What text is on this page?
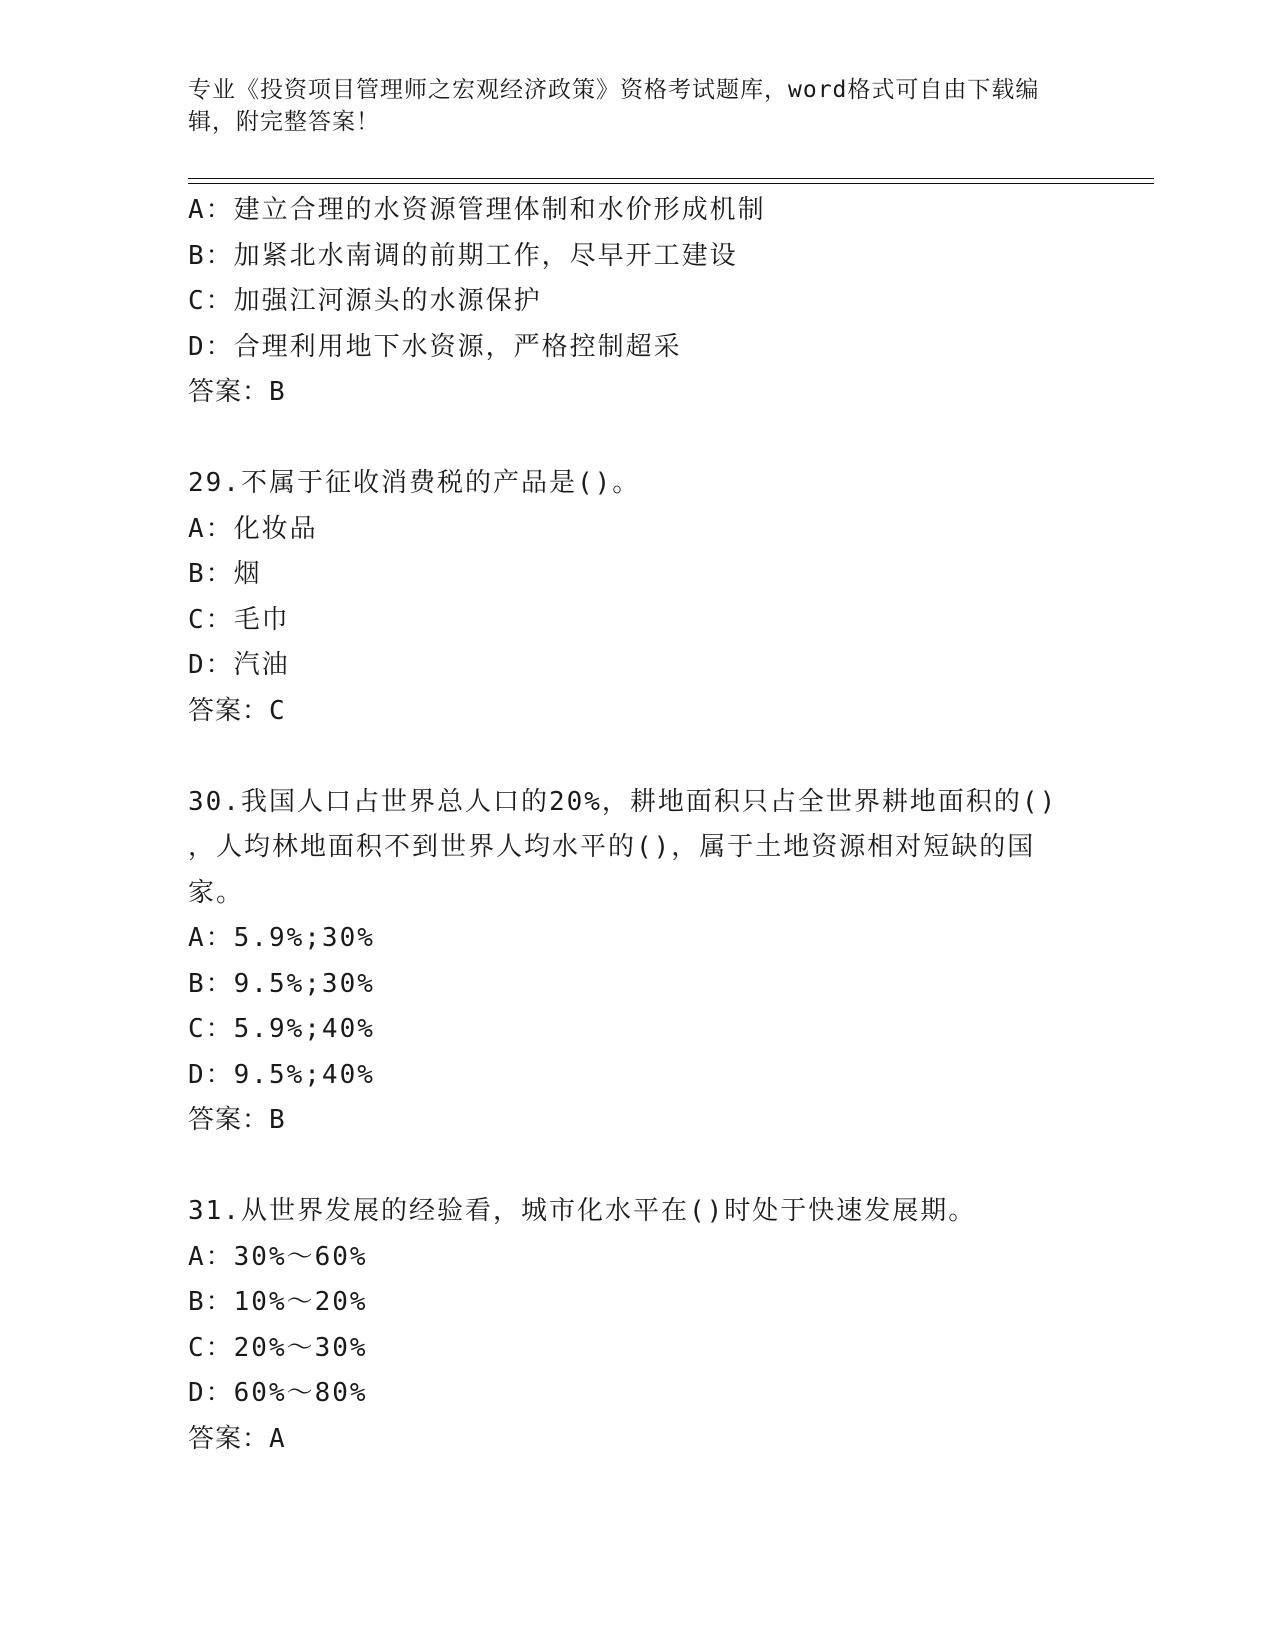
专业《投资项目管理师之宏观经济政策》资格考试题库，word格式可自由下载编
辑，附完整答案！
A：建立合理的水资源管理体制和水价形成机制
B：加紧北水南调的前期工作，尽早开工建设
C：加强江河源头的水源保护
D：合理利用地下水资源，严格控制超采
答案：B
29.不属于征收消费税的产品是()。
A：化妆品
B：烟
C：毛巾
D：汽油
答案：C
30.我国人口占世界总人口的20%，耕地面积只占全世界耕地面积的()
，人均林地面积不到世界人均水平的()，属于土地资源相对短缺的国
家。
A：5.9%;30%
B：9.5%;30%
C：5.9%;40%
D：9.5%;40%
答案：B
31.从世界发展的经验看，城市化水平在()时处于快速发展期。
A：30%～60%
B：10%～20%
C：20%～30%
D：60%～80%
答案：A
